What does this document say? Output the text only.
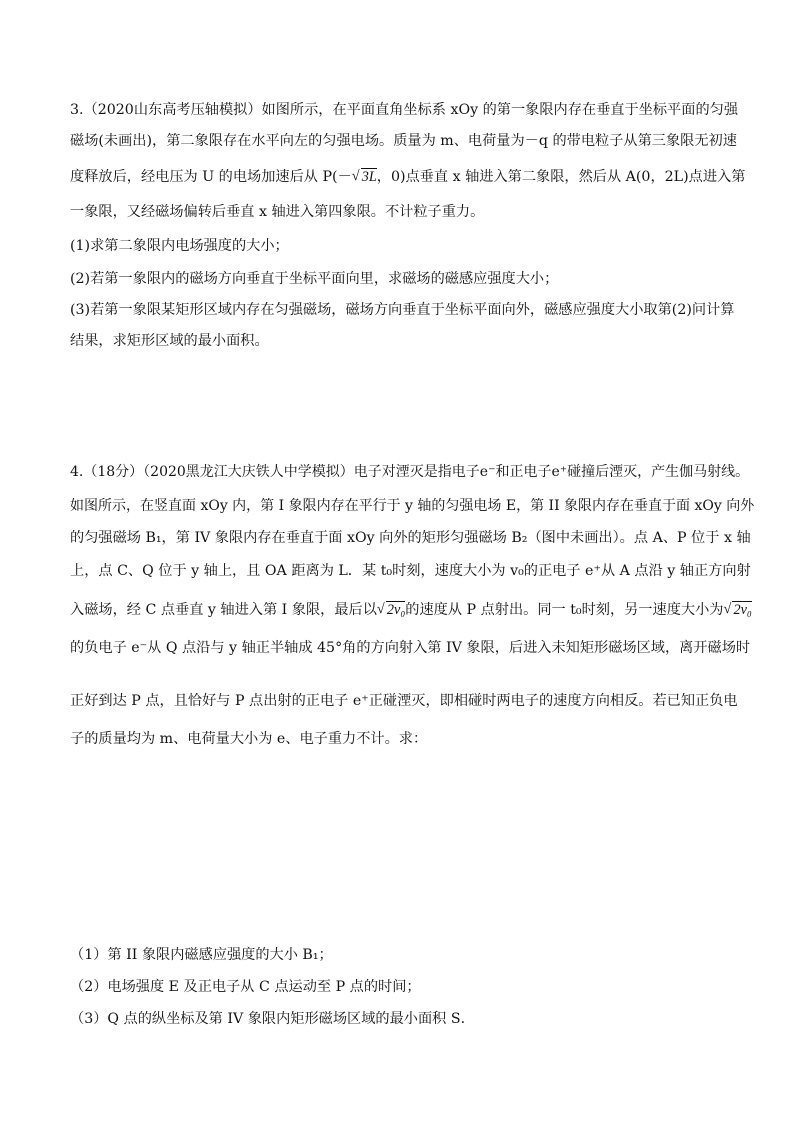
3.（2020山东高考压轴模拟）如图所示，在平面直角坐标系 xOy 的第一象限内存在垂直于坐标平面的匀强
磁场(未画出)，第二象限存在水平向左的匀强电场。质量为 m、电荷量为－q 的带电粒子从第三象限无初速
度释放后，经电压为 U 的电场加速后从 P(－ √ 3L，0)点垂直 x 轴进入第二象限，然后从 A(0，2L)点进入第
一象限，又经磁场偏转后垂直 x 轴进入第四象限。不计粒子重力。
(1)求第二象限内电场强度的大小；
(2)若第一象限内的磁场方向垂直于坐标平面向里，求磁场的磁感应强度大小；
(3)若第一象限某矩形区域内存在匀强磁场，磁场方向垂直于坐标平面向外，磁感应强度大小取第(2)问计算
结果，求矩形区域的最小面积。
4.（18分）（2020黑龙江大庆铁人中学模拟）电子对湮灭是指电子e⁻和正电子e⁺碰撞后湮灭，产生伽马射线。
如图所示，在竖直面 xOy 内，第 I 象限内存在平行于 y 轴的匀强电场 E，第 II 象限内存在垂直于面 xOy 向外
的匀强磁场 B₁，第 IV 象限内存在垂直于面 xOy 向外的矩形匀强磁场 B₂（图中未画出）。点 A、P 位于 x 轴
上，点 C、Q 位于 y 轴上，且 OA 距离为 L．某 t₀时刻，速度大小为 v₀的正电子 e⁺从 A 点沿 y 轴正方向射
入磁场，经 C 点垂直 y 轴进入第 I 象限，最后以 √ 2v₀的速度从 P 点射出。同一 t₀时刻，另一速度大小为 √ 2v₀
的负电子 e⁻从 Q 点沿与 y 轴正半轴成 45°角的方向射入第 IV 象限，后进入未知矩形磁场区域，离开磁场时
正好到达 P 点，且恰好与 P 点出射的正电子 e⁺正碰湮灭，即相碰时两电子的速度方向相反。若已知正负电
子的质量均为 m、电荷量大小为 e、电子重力不计。求：
（1）第 II 象限内磁感应强度的大小 B₁；
（2）电场强度 E 及正电子从 C 点运动至 P 点的时间；
（3）Q 点的纵坐标及第 IV 象限内矩形磁场区域的最小面积 S．
